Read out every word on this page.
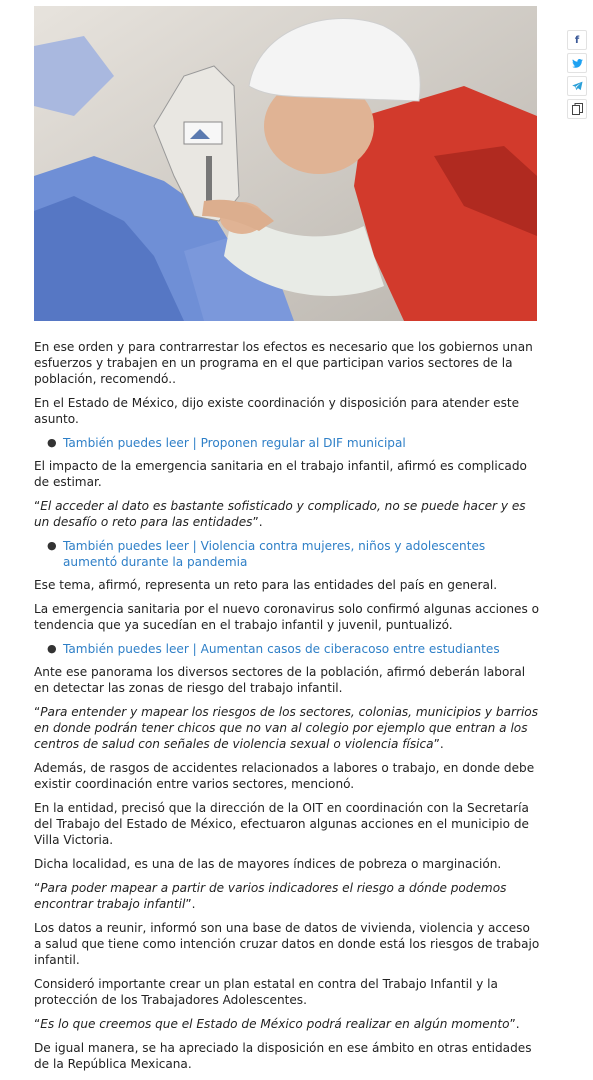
f

En ese orden y para contrarrestar los efectos es necesario que los gobiernos unan esfuerzos y trabajen en un programa en el que participan varios sectores de la población, recomendó..

En el Estado de México, dijo existe coordinación y disposición para atender este asunto.

● También puedes leer | Proponen regular al DIF municipal

El impacto de la emergencia sanitaria en el trabajo infantil, afirmó es complicado de estimar.

“El acceder al dato es bastante sofisticado y complicado, no se puede hacer y es un desafío o reto para las entidades”.

● También puedes leer | Violencia contra mujeres, niños y adolescentes aumentó durante la pandemia

Ese tema, afirmó, representa un reto para las entidades del país en general.

La emergencia sanitaria por el nuevo coronavirus solo confirmó algunas acciones o tendencia que ya sucedían en el trabajo infantil y juvenil, puntualizó.

● También puedes leer | Aumentan casos de ciberacoso entre estudiantes

Ante ese panorama los diversos sectores de la población, afirmó deberán laboral en detectar las zonas de riesgo del trabajo infantil.

“Para entender y mapear los riesgos de los sectores, colonias, municipios y barrios en donde podrán tener chicos que no van al colegio por ejemplo que entran a los centros de salud con señales de violencia sexual o violencia física”.

Además, de rasgos de accidentes relacionados a labores o trabajo, en donde debe existir coordinación entre varios sectores, mencionó.

En la entidad, precisó que la dirección de la OIT en coordinación con la Secretaría del Trabajo del Estado de México, efectuaron algunas acciones en el municipio de Villa Victoria.

Dicha localidad, es una de las de mayores índices de pobreza o marginación.

“Para poder mapear a partir de varios indicadores el riesgo a dónde podemos encontrar trabajo infantil”.

Los datos a reunir, informó son una base de datos de vivienda, violencia y acceso a salud que tiene como intención cruzar datos en donde está los riesgos de trabajo infantil.

Consideró importante crear un plan estatal en contra del Trabajo Infantil y la protección de los Trabajadores Adolescentes.

“Es lo que creemos que el Estado de México podrá realizar en algún momento”.

De igual manera, se ha apreciado la disposición en ese ámbito en otras entidades de la República Mexicana.
